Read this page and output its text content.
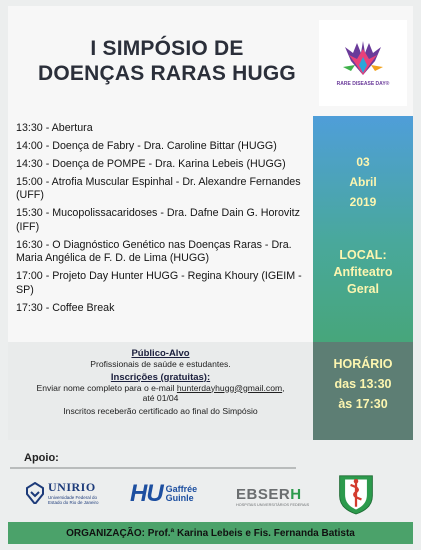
I SIMPÓSIO DE
DOENÇAS RARAS HUGG	RARE DISEASE DAY®
13:30 - Abertura
14:00 - Doença de Fabry - Dra. Caroline Bittar (HUGG)
14:30 - Doença de POMPE - Dra. Karina Lebeis (HUGG)
15:00 - Atrofia Muscular Espinhal - Dr. Alexandre Fernandes (UFF)
15:30 - Mucopolissacaridoses - Dra. Dafne Dain G. Horovitz (IFF)
16:30 - O Diagnóstico Genético nas Doenças Raras - Dra. Maria Angélica de F. D. de Lima (HUGG)
17:00 - Projeto Day Hunter HUGG - Regina Khoury (IGEIM - SP)
17:30 - Coffee Break
03
Abril
2019
LOCAL:
Anfiteatro
Geral
Público-Alvo
Profissionais de saúde e estudantes.
Inscrições (gratuitas):
Enviar nome completo para o e-mail hunterdayhugg@gmail.com,
até 01/04
Inscritos receberão certificado ao final do Simpósio
HORÁRIO
das 13:30
às 17:30
Apoio:
UNIRIO
Universidade Federal do
Estado do Rio de Janeiro HU Gaffrée
Guinle	EBSERH
HOSPITAIS UNIVERSITÁRIOS FEDERAIS
ORGANIZAÇÃO: Prof.ª Karina Lebeis e Fis. Fernanda Batista
